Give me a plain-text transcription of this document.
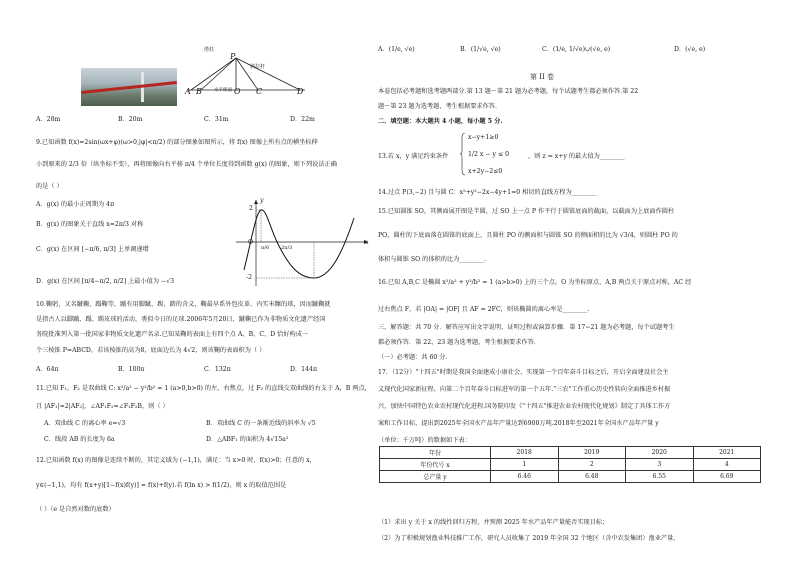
塔柱
斜拉杆
水平桥面
P
A B	O C	D
A．28m	B．20m	C．31m	D．22m
9.已知函数 f(x)=2sin(ωx+φ)(ω>0,|φ|<π/2) 的部分图象如图所示，将 f(x) 图像上所有点的横坐标伸
小到原来的 2/3 倍（纵坐标不变），再将图像向右平移 π/4 个单位长度得到函数 g(x) 的图象，则下列说法正确
的是（ ）
A．g(x) 的最小正周期为 4π
B．g(x) 的图象关于直线 x=2π/3 对称
C．g(x) 在区间 [−π/6, π/3] 上单调递增
D．g(x) 在区间 [π/4−π/2, π/2] 上最小值为 −√3
2
-2
O
π/6 2π/3
x
y
10.鞠躬，又名蹴鞠、蹋鞠等，蹴有用脚蹴、踢、踏的含义，鞠最早系外包皮革、内实米糠的球，因而蹴鞠就
是指古人以脚蹴、蹋、踢皮球的活动，类似今日的足球.2006年5月20日，蹴鞠已作为非物质文化遗产经国
务院批准列入第一批国家非物质文化遗产名录.已知某鞠的表面上有四个点 A、B、C、D 恰好构成一
个三棱锥 P=ABCD，若该棱锥的高为8，底面边长为 4√2，则该鞠的表面积为（ ）
A．64π	B．100π	C．132π	D．144π
11.已知 F₁，F₂ 是双曲线 C: x²/a² − y²/b² = 1 (a>0,b>0) 的左、右焦点，过 F₂ 的直线交双曲线的右支于 A，B 两点，
且 |AF₁|=2|AF₂|，∠AF₁F₂=∠F₁F₂B，则（ ）
A．双曲线 C 的离心率 e=√3	B．双曲线 C 的一条渐近线的斜率为 √5
C．线段 AB 的长度为 6a	D．△ABF₁ 的面积为 4√15a²
12.已知函数 f(x) 的图像是连续不断的，其定义域为 (−1,1)，满足：当 x>0 时，f(x)>0；任意的 x，
y∈(−1,1)，均有 f(x+y)[1−f(x)f(y)] = f(x)+f(y).若 f(ln x) > f(1/2)，则 x 的取值范围是
（ ）（e 是自然对数的底数）
A．(1/e, √e)	B．(1/√e, √e)	C．(1/e, 1/√e)∪(√e, e)	D．(√e, e)
第 II 卷
本卷包括必考题和选考题两部分.第 13 题～第 21 题为必考题，每个试题考生都必须作答.第 22
题～第 23 题为选考题，考生根据要求作答.
二、填空题：本大题共 4 小题，每小题 5 分.
13.若 x，y 满足约束条件
x−y+1≥0
1/2 x − y ≤ 0
x+2y−2≤0
，则 z = x+y 的最大值为________
14.过点 P(3,−2) 且与圆 C：x²+y²−2x−4y+1=0 相切的直线方程为________
15.已知圆锥 SO，其侧面展开图是半圆，过 SO 上一点 P 作平行于圆锥底面的截面，以截面为上底面作圆柱
PO，圆柱的下底面落在圆锥的底面上，且圆柱 PO 的侧面积与圆锥 SO 的侧面积的比为 √3/4，则圆柱 PO 的
体积与圆锥 SO 的体积的比为________.
16.已知 A,B,C 是椭圆 x²/a² + y²/b² = 1 (a>b>0) 上的三个点，O 为坐标原点，A,B 两点关于原点对称，AC 经
过右焦点 F，若 |OA| = |OF| 且 AF = 2FC，则该椭圆的离心率是________.
三、解答题：共 70 分．解答应写出文字说明、证明过程或演算步骤．第 17~21 题为必考题，每个试题考生
都必须作答．第 22、23 题为选考题，考生根据要求作答．
（一）必考题：共 60 分．
17．（12分）"十四五"时期是我国全面建成小康社会、实现第一个百年奋斗目标之后，开启全面建设社会主
义现代化国家新征程、向第二个百年奋斗目标进军的第一个五年."三农"工作重心历史性转向全面推进乡村振
兴，加快中国特色农业农村现代化进程.国务院印发《"十四五"推进农业农村现代化规划》制定了具体工作方
案和工作目标，提出到2025年全国水产品年产量达到6900万吨.2018年至2021年全国水产品年产量 y
（单位：千万吨）的数据如下表：
（1）求出 y 关于 x 的线性回归方程，并预测 2025 年水产品年产量能否实现目标；
（2）为了积极规划渔业科技推广工作，研究人员收集了 2019 年全国 32 个地区（含中农发集团）渔业产量、
年份	2018	2019	2020	2021
年份代号 x	1	2	3	4
总产量 y	6.46	6.48	6.55	6.69
